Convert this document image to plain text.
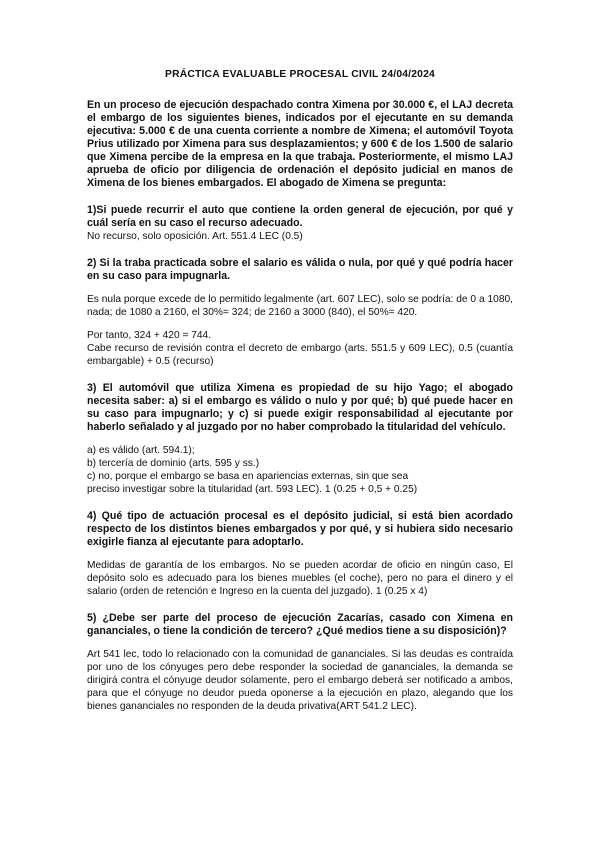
PRÁCTICA EVALUABLE PROCESAL CIVIL 24/04/2024

En un proceso de ejecución despachado contra Ximena por 30.000 €, el LAJ decreta el embargo de los siguientes bienes, indicados por el ejecutante en su demanda ejecutiva: 5.000 € de una cuenta corriente a nombre de Ximena; el automóvil Toyota Prius utilizado por Ximena para sus desplazamientos; y 600 € de los 1.500 de salario que Ximena percibe de la empresa en la que trabaja. Posteriormente, el mismo LAJ aprueba de oficio por diligencia de ordenación el depósito judicial en manos de Ximena de los bienes embargados. El abogado de Ximena se pregunta:

1)Si puede recurrir el auto que contiene la orden general de ejecución, por qué y cuál sería en su caso el recurso adecuado.

No recurso, solo oposición. Art. 551.4 LEC (0.5)

2) Si la traba practicada sobre el salario es válida o nula, por qué y qué podría hacer en su caso para impugnarla.

Es nula porque excede de lo permitido legalmente (art. 607 LEC), solo se podría: de 0 a 1080, nada; de 1080 a 2160, el 30%= 324; de 2160 a 3000 (840), el 50%= 420.

Por tanto, 324 + 420 = 744.

Cabe recurso de revisión contra el decreto de embargo (arts. 551.5 y 609 LEC), 0.5 (cuantía embargable) + 0.5 (recurso)

3) El automóvil que utiliza Ximena es propiedad de su hijo Yago; el abogado necesita saber: a) si el embargo es válido o nulo y por qué; b) qué puede hacer en su caso para impugnarlo; y c) si puede exigir responsabilidad al ejecutante por haberlo señalado y al juzgado por no haber comprobado la titularidad del vehículo.

a) es válido (art. 594.1);

b) tercería de dominio (arts. 595 y ss.)

c) no, porque el embargo se basa en apariencias externas, sin que sea

preciso investigar sobre la titularidad (art. 593 LEC). 1 (0.25 + 0,5 + 0.25)

4) Qué tipo de actuación procesal es el depósito judicial, si está bien acordado respecto de los distintos bienes embargados y por qué, y si hubiera sido necesario exigirle fianza al ejecutante para adoptarlo.

Medidas de garantía de los embargos. No se pueden acordar de oficio en ningún caso, El depósito solo es adecuado para los bienes muebles (el coche), pero no para el dinero y el salario (orden de retención e Ingreso en la cuenta del juzgado). 1 (0.25 x 4)

5) ¿Debe ser parte del proceso de ejecución Zacarías, casado con Ximena en gananciales, o tiene la condición de tercero? ¿Qué medios tiene a su disposición)?

Art 541 lec, todo lo relacionado con la comunidad de gananciales. Si las deudas es contraída por uno de los cónyuges pero debe responder la sociedad de gananciales, la demanda se dirigirá contra el cónyuge deudor solamente, pero el embargo deberá ser notificado a ambos, para que el cónyuge no deudor pueda oponerse a la ejecución en plazo, alegando que los bienes gananciales no responden de la deuda privativa(ART 541.2 LEC).
